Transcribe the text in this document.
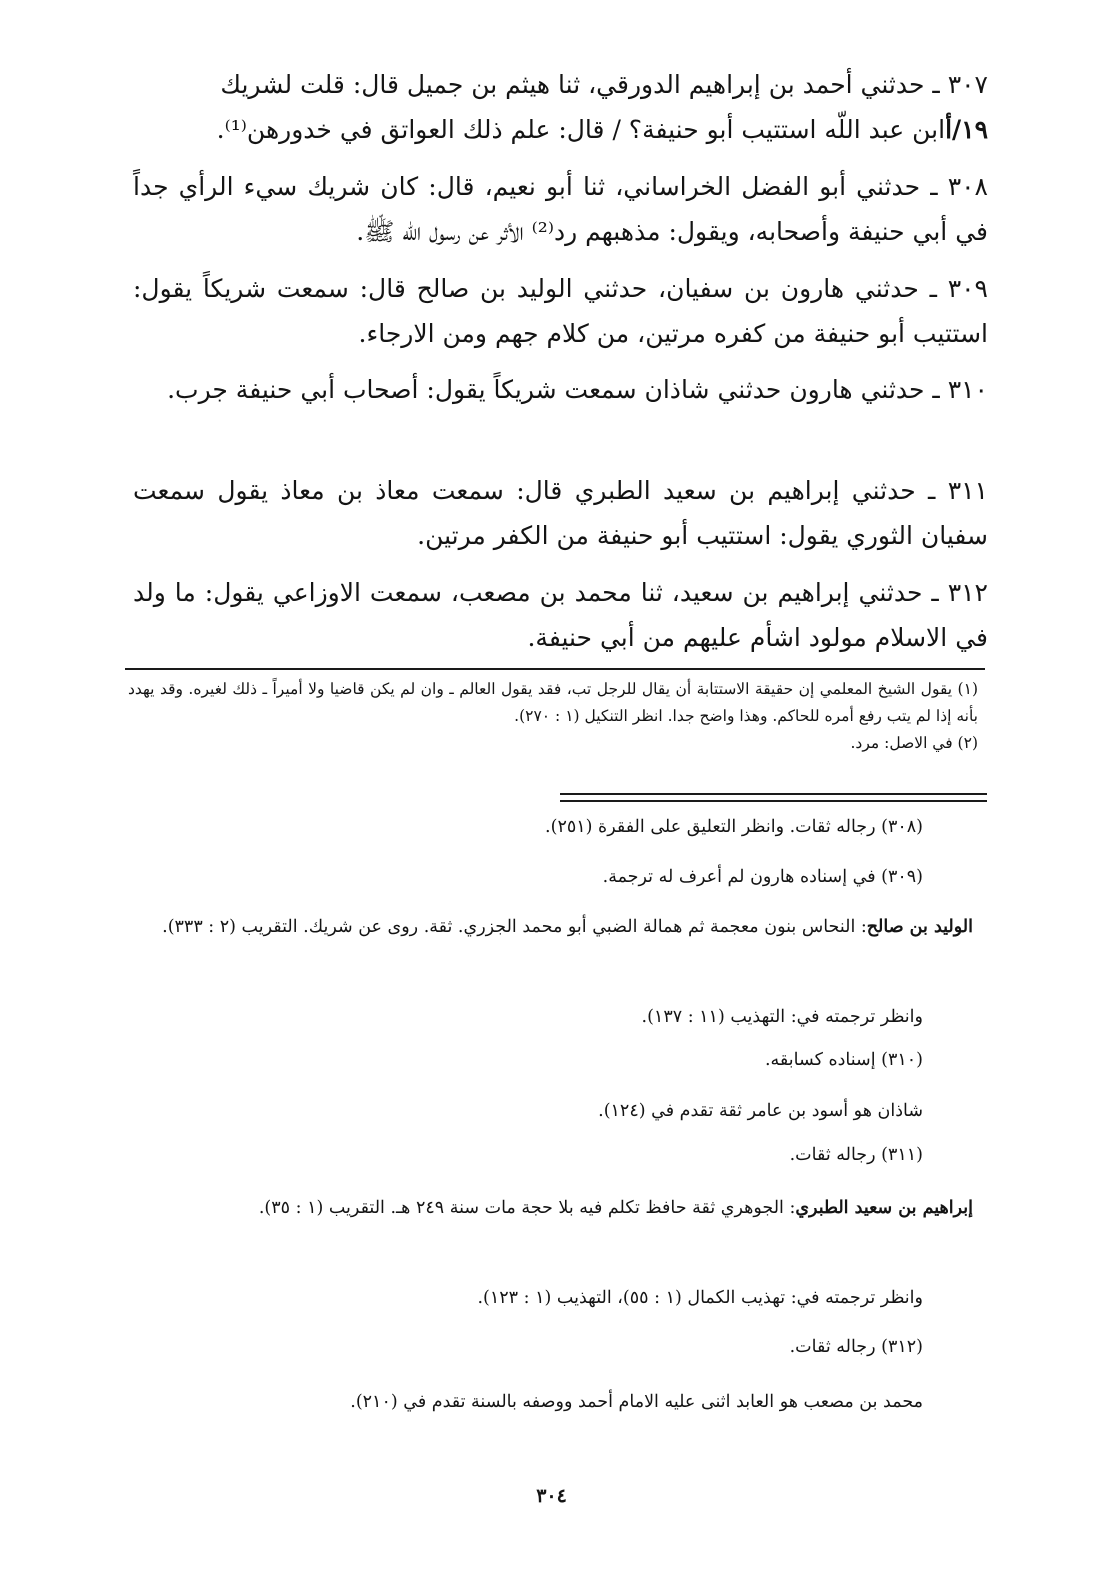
٣٠٧ ـ حدثني أحمد بن إبراهيم الدورقي، ثنا هيثم بن جميل قال: قلت لشريك

١٩/أابن عبد اللّه استتيب أبو حنيفة؟ / قال: علم ذلك العواتق في خدورهن⁽¹⁾.

٣٠٨ ـ حدثني أبو الفضل الخراساني، ثنا أبو نعيم، قال: كان شريك سيء الرأي جداً في أبي حنيفة وأصحابه، ويقول: مذهبهم رد⁽²⁾ الأثر عن رسول اللّه ﷺ.

٣٠٩ ـ حدثني هارون بن سفيان، حدثني الوليد بن صالح قال: سمعت شريكاً يقول: استتيب أبو حنيفة من كفره مرتين، من كلام جهم ومن الارجاء.

٣١٠ ـ حدثني هارون حدثني شاذان سمعت شريكاً يقول: أصحاب أبي حنيفة جرب.

٣١١ ـ حدثني إبراهيم بن سعيد الطبري قال: سمعت معاذ بن معاذ يقول سمعت سفيان الثوري يقول: استتيب أبو حنيفة من الكفر مرتين.

٣١٢ ـ حدثني إبراهيم بن سعيد، ثنا محمد بن مصعب، سمعت الاوزاعي يقول: ما ولد في الاسلام مولود اشأم عليهم من أبي حنيفة.

(١) يقول الشيخ المعلمي إن حقيقة الاستتابة أن يقال للرجل تب، فقد يقول العالم ـ وان لم يكن قاضيا ولا أميراً ـ ذلك لغيره. وقد يهدد بأنه إذا لم يتب رفع أمره للحاكم. وهذا واضح جدا. انظر التنكيل (١ : ٢٧٠).

(٢) في الاصل: مرد.

(٣٠٨) رجاله ثقات. وانظر التعليق على الفقرة (٢٥١).

(٣٠٩) في إسناده هارون لم أعرف له ترجمة.

الوليد بن صالح: النحاس بنون معجمة ثم همالة الضبي أبو محمد الجزري. ثقة. روى عن شريك. التقريب (٢ : ٣٣٣).

وانظر ترجمته في: التهذيب (١١ : ١٣٧).

(٣١٠) إسناده كسابقه.

شاذان هو أسود بن عامر ثقة تقدم في (١٢٤).

(٣١١) رجاله ثقات.

إبراهيم بن سعيد الطبري: الجوهري ثقة حافظ تكلم فيه بلا حجة مات سنة ٢٤٩ هـ. التقريب (١ : ٣٥).

وانظر ترجمته في: تهذيب الكمال (١ : ٥٥)، التهذيب (١ : ١٢٣).

(٣١٢) رجاله ثقات.

محمد بن مصعب هو العابد اثنى عليه الامام أحمد ووصفه بالسنة تقدم في (٢١٠).

٣٠٤
